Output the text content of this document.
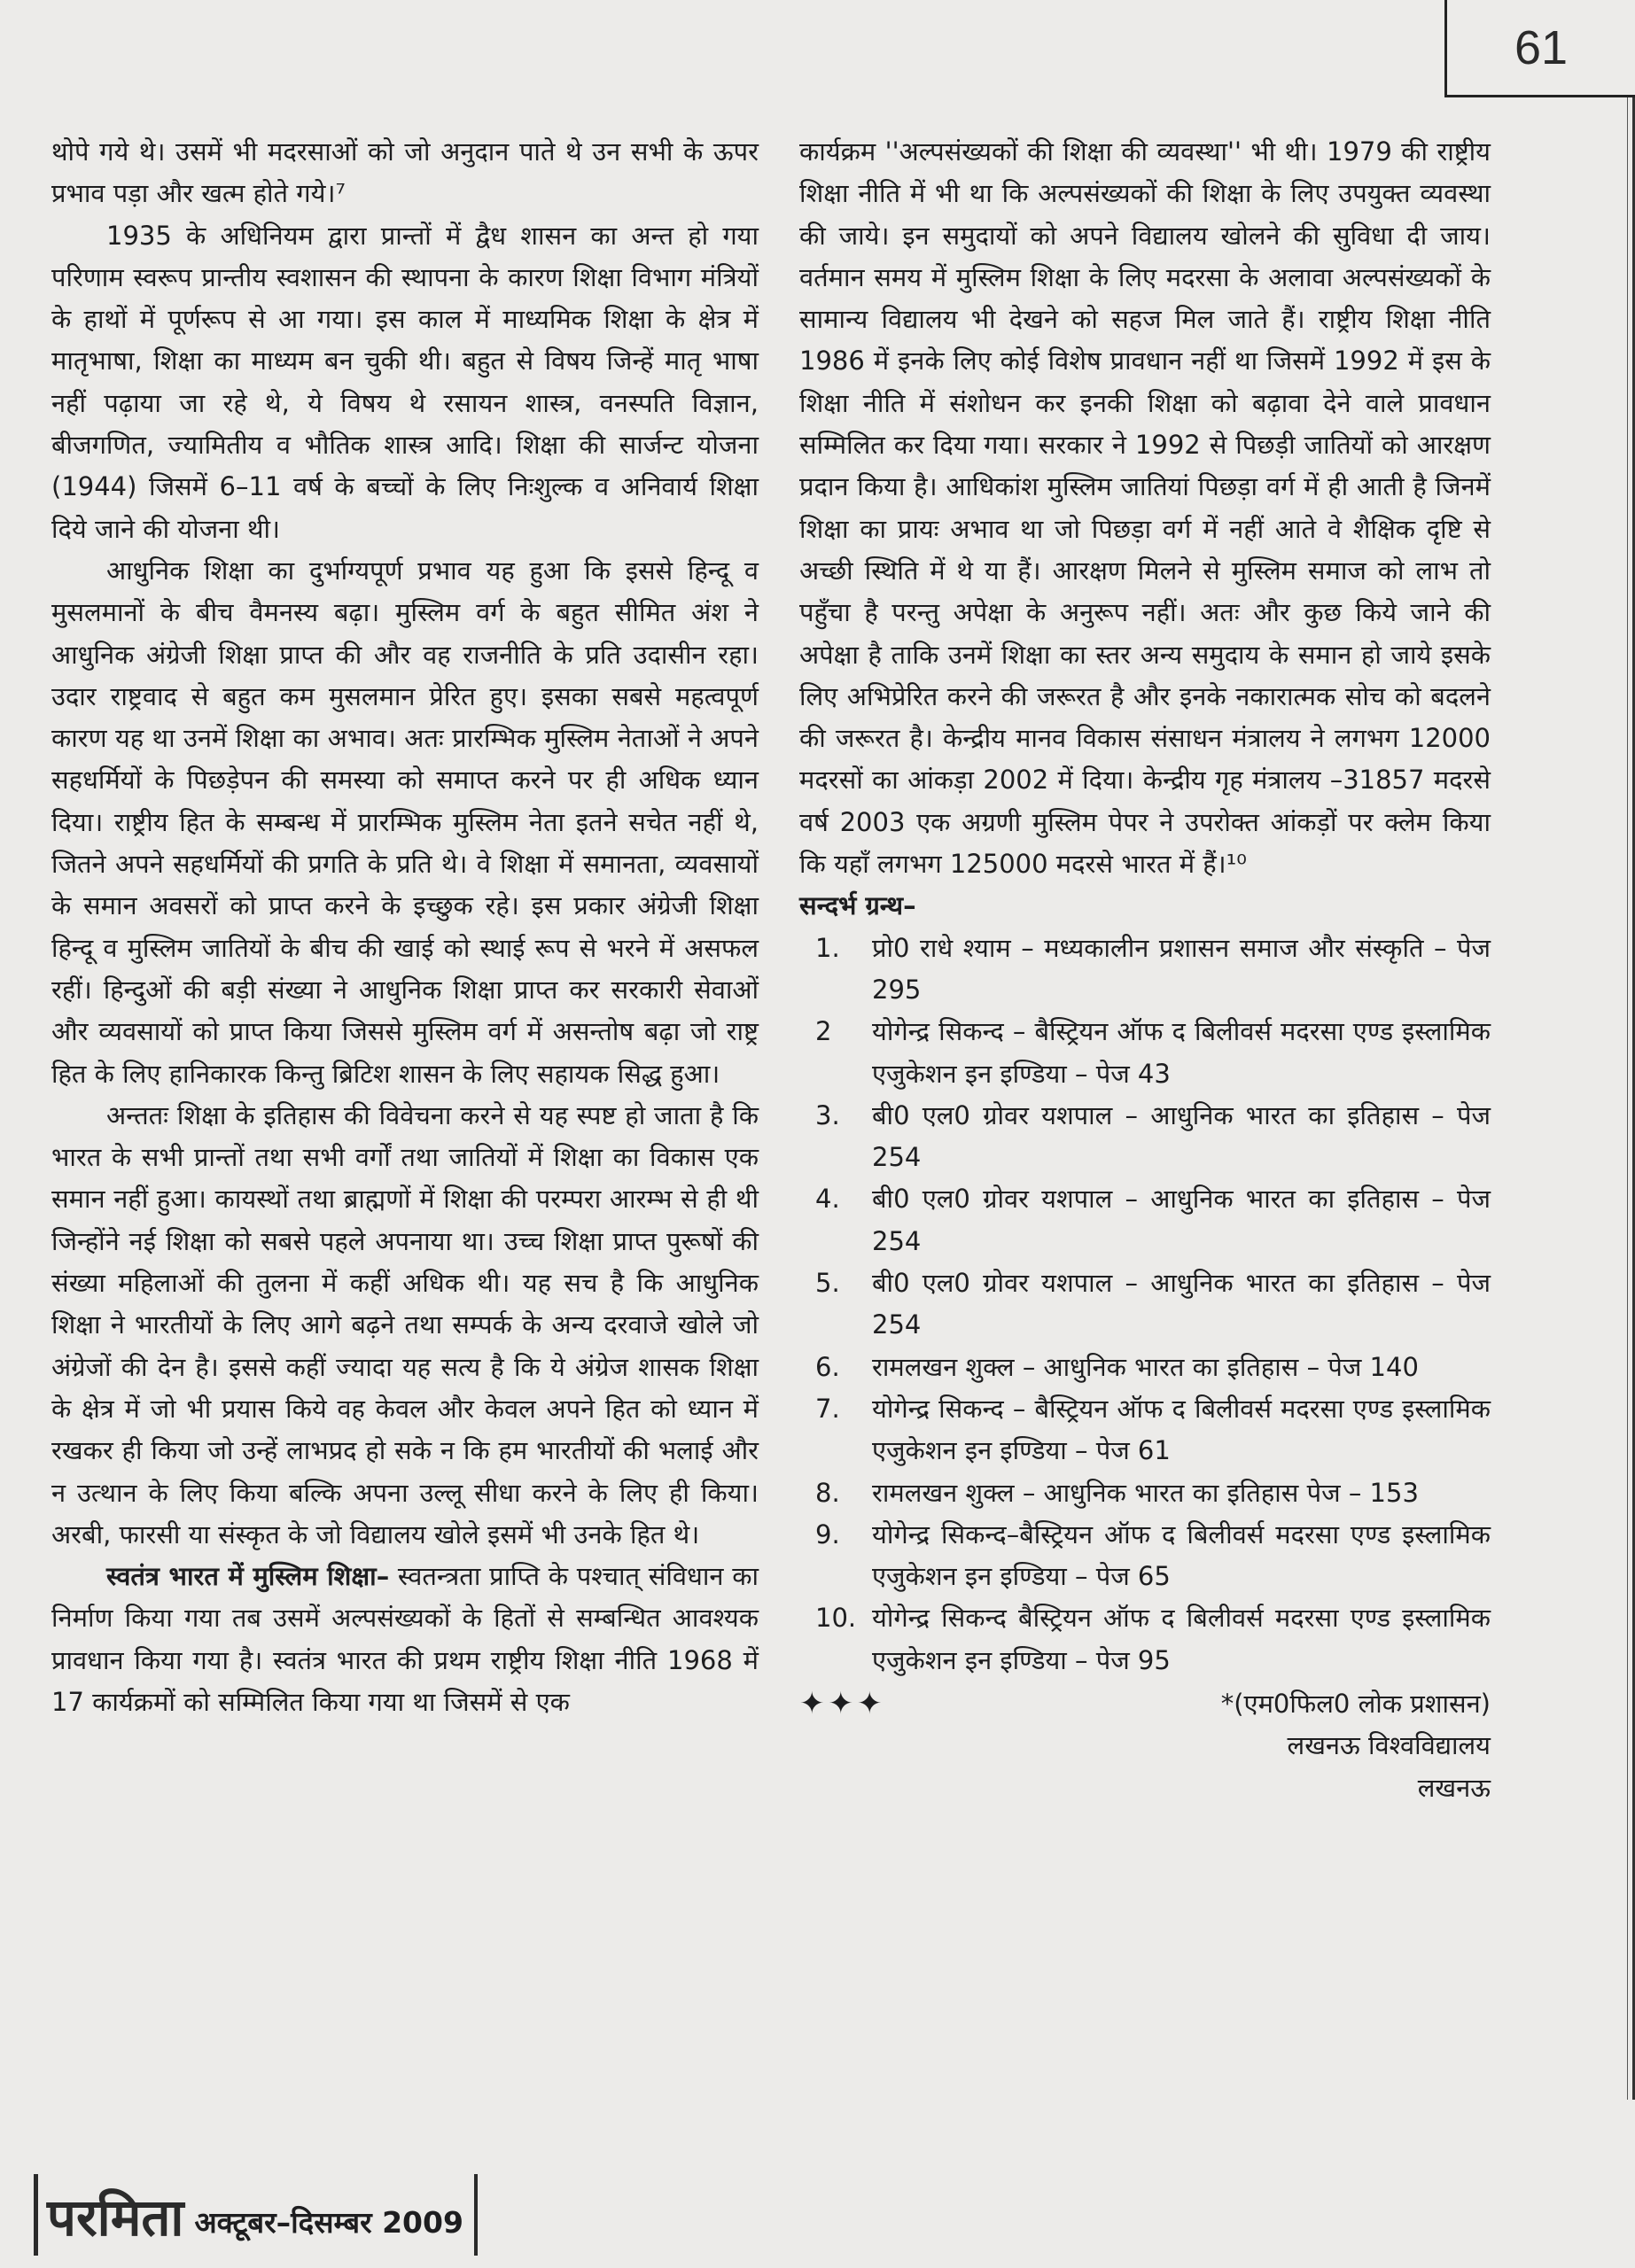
61

थोपे गये थे। उसमें भी मदरसाओं को जो अनुदान पाते थे उन सभी के ऊपर प्रभाव पड़ा और खत्म होते गये।⁷

1935 के अधिनियम द्वारा प्रान्तों में द्वैध शासन का अन्त हो गया परिणाम स्वरूप प्रान्तीय स्वशासन की स्थापना के कारण शिक्षा विभाग मंत्रियों के हाथों में पूर्णरूप से आ गया। इस काल में माध्यमिक शिक्षा के क्षेत्र में मातृभाषा, शिक्षा का माध्यम बन चुकी थी। बहुत से विषय जिन्हें मातृ भाषा नहीं पढ़ाया जा रहे थे, ये विषय थे रसायन शास्त्र, वनस्पति विज्ञान, बीजगणित, ज्यामितीय व भौतिक शास्त्र आदि। शिक्षा की सार्जन्ट योजना (1944) जिसमें 6–11 वर्ष के बच्चों के लिए निःशुल्क व अनिवार्य शिक्षा दिये जाने की योजना थी।

आधुनिक शिक्षा का दुर्भाग्यपूर्ण प्रभाव यह हुआ कि इससे हिन्दू व मुसलमानों के बीच वैमनस्य बढ़ा। मुस्लिम वर्ग के बहुत सीमित अंश ने आधुनिक अंग्रेजी शिक्षा प्राप्त की और वह राजनीति के प्रति उदासीन रहा। उदार राष्ट्रवाद से बहुत कम मुसलमान प्रेरित हुए। इसका सबसे महत्वपूर्ण कारण यह था उनमें शिक्षा का अभाव। अतः प्रारम्भिक मुस्लिम नेताओं ने अपने सहधर्मियों के पिछड़ेपन की समस्या को समाप्त करने पर ही अधिक ध्यान दिया। राष्ट्रीय हित के सम्बन्ध में प्रारम्भिक मुस्लिम नेता इतने सचेत नहीं थे, जितने अपने सहधर्मियों की प्रगति के प्रति थे। वे शिक्षा में समानता, व्यवसायों के समान अवसरों को प्राप्त करने के इच्छुक रहे। इस प्रकार अंग्रेजी शिक्षा हिन्दू व मुस्लिम जातियों के बीच की खाई को स्थाई रूप से भरने में असफल रहीं। हिन्दुओं की बड़ी संख्या ने आधुनिक शिक्षा प्राप्त कर सरकारी सेवाओं और व्यवसायों को प्राप्त किया जिससे मुस्लिम वर्ग में असन्तोष बढ़ा जो राष्ट्र हित के लिए हानिकारक किन्तु ब्रिटिश शासन के लिए सहायक सिद्ध हुआ।

अन्ततः शिक्षा के इतिहास की विवेचना करने से यह स्पष्ट हो जाता है कि भारत के सभी प्रान्तों तथा सभी वर्गों तथा जातियों में शिक्षा का विकास एक समान नहीं हुआ। कायस्थों तथा ब्राह्मणों में शिक्षा की परम्परा आरम्भ से ही थी जिन्होंने नई शिक्षा को सबसे पहले अपनाया था। उच्च शिक्षा प्राप्त पुरूषों की संख्या महिलाओं की तुलना में कहीं अधिक थी। यह सच है कि आधुनिक शिक्षा ने भारतीयों के लिए आगे बढ़ने तथा सम्पर्क के अन्य दरवाजे खोले जो अंग्रेजों की देन है। इससे कहीं ज्यादा यह सत्य है कि ये अंग्रेज शासक शिक्षा के क्षेत्र में जो भी प्रयास किये वह केवल और केवल अपने हित को ध्यान में रखकर ही किया जो उन्हें लाभप्रद हो सके न कि हम भारतीयों की भलाई और न उत्थान के लिए किया बल्कि अपना उल्लू सीधा करने के लिए ही किया। अरबी, फारसी या संस्कृत के जो विद्यालय खोले इसमें भी उनके हित थे।

स्वतंत्र भारत में मुस्लिम शिक्षा– स्वतन्त्रता प्राप्ति के पश्चात् संविधान का निर्माण किया गया तब उसमें अल्पसंख्यकों के हितों से सम्बन्धित आवश्यक प्रावधान किया गया है। स्वतंत्र भारत की प्रथम राष्ट्रीय शिक्षा नीति 1968 में 17 कार्यक्रमों को सम्मिलित किया गया था जिसमें से एक

कार्यक्रम ''अल्पसंख्यकों की शिक्षा की व्यवस्था'' भी थी। 1979 की राष्ट्रीय शिक्षा नीति में भी था कि अल्पसंख्यकों की शिक्षा के लिए उपयुक्त व्यवस्था की जाये। इन समुदायों को अपने विद्यालय खोलने की सुविधा दी जाय। वर्तमान समय में मुस्लिम शिक्षा के लिए मदरसा के अलावा अल्पसंख्यकों के सामान्य विद्यालय भी देखने को सहज मिल जाते हैं। राष्ट्रीय शिक्षा नीति 1986 में इनके लिए कोई विशेष प्रावधान नहीं था जिसमें 1992 में इस के शिक्षा नीति में संशोधन कर इनकी शिक्षा को बढ़ावा देने वाले प्रावधान सम्मिलित कर दिया गया। सरकार ने 1992 से पिछड़ी जातियों को आरक्षण प्रदान किया है। आधिकांश मुस्लिम जातियां पिछड़ा वर्ग में ही आती है जिनमें शिक्षा का प्रायः अभाव था जो पिछड़ा वर्ग में नहीं आते वे शैक्षिक दृष्टि से अच्छी स्थिति में थे या हैं। आरक्षण मिलने से मुस्लिम समाज को लाभ तो पहुँचा है परन्तु अपेक्षा के अनुरूप नहीं। अतः और कुछ किये जाने की अपेक्षा है ताकि उनमें शिक्षा का स्तर अन्य समुदाय के समान हो जाये इसके लिए अभिप्रेरित करने की जरूरत है और इनके नकारात्मक सोच को बदलने की जरूरत है। केन्द्रीय मानव विकास संसाधन मंत्रालय ने लगभग 12000 मदरसों का आंकड़ा 2002 में दिया। केन्द्रीय गृह मंत्रालय –31857 मदरसे वर्ष 2003 एक अग्रणी मुस्लिम पेपर ने उपरोक्त आंकड़ों पर क्लेम किया कि यहाँ लगभग 125000 मदरसे भारत में हैं।¹⁰

सन्दर्भ ग्रन्थ–

1.	प्रो0 राधे श्याम – मध्यकालीन प्रशासन समाज और संस्कृति – पेज 295
2	योगेन्द्र सिकन्द – बैस्ट्रियन ऑफ द बिलीवर्स मदरसा एण्ड इस्लामिक एजुकेशन इन इण्डिया – पेज 43
3.	बी0 एल0 ग्रोवर यशपाल – आधुनिक भारत का इतिहास – पेज 254
4.	बी0 एल0 ग्रोवर यशपाल – आधुनिक भारत का इतिहास – पेज 254
5.	बी0 एल0 ग्रोवर यशपाल – आधुनिक भारत का इतिहास – पेज 254
6.	रामलखन शुक्ल – आधुनिक भारत का इतिहास – पेज 140
7.	योगेन्द्र सिकन्द – बैस्ट्रियन ऑफ द बिलीवर्स मदरसा एण्ड इस्लामिक एजुकेशन इन इण्डिया – पेज 61
8.	रामलखन शुक्ल – आधुनिक भारत का इतिहास पेज – 153
9.	योगेन्द्र सिकन्द–बैस्ट्रियन ऑफ द बिलीवर्स मदरसा एण्ड इस्लामिक एजुकेशन इन इण्डिया – पेज 65
10. योगेन्द्र सिकन्द बैस्ट्रियन ऑफ द बिलीवर्स मदरसा एण्ड इस्लामिक एजुकेशन इन इण्डिया – पेज 95
✦✦✦	*(एम0फिल0 लोक प्रशासन)
लखनऊ विश्वविद्यालय
लखनऊ
परमिता अक्टूबर–दिसम्बर 2009
